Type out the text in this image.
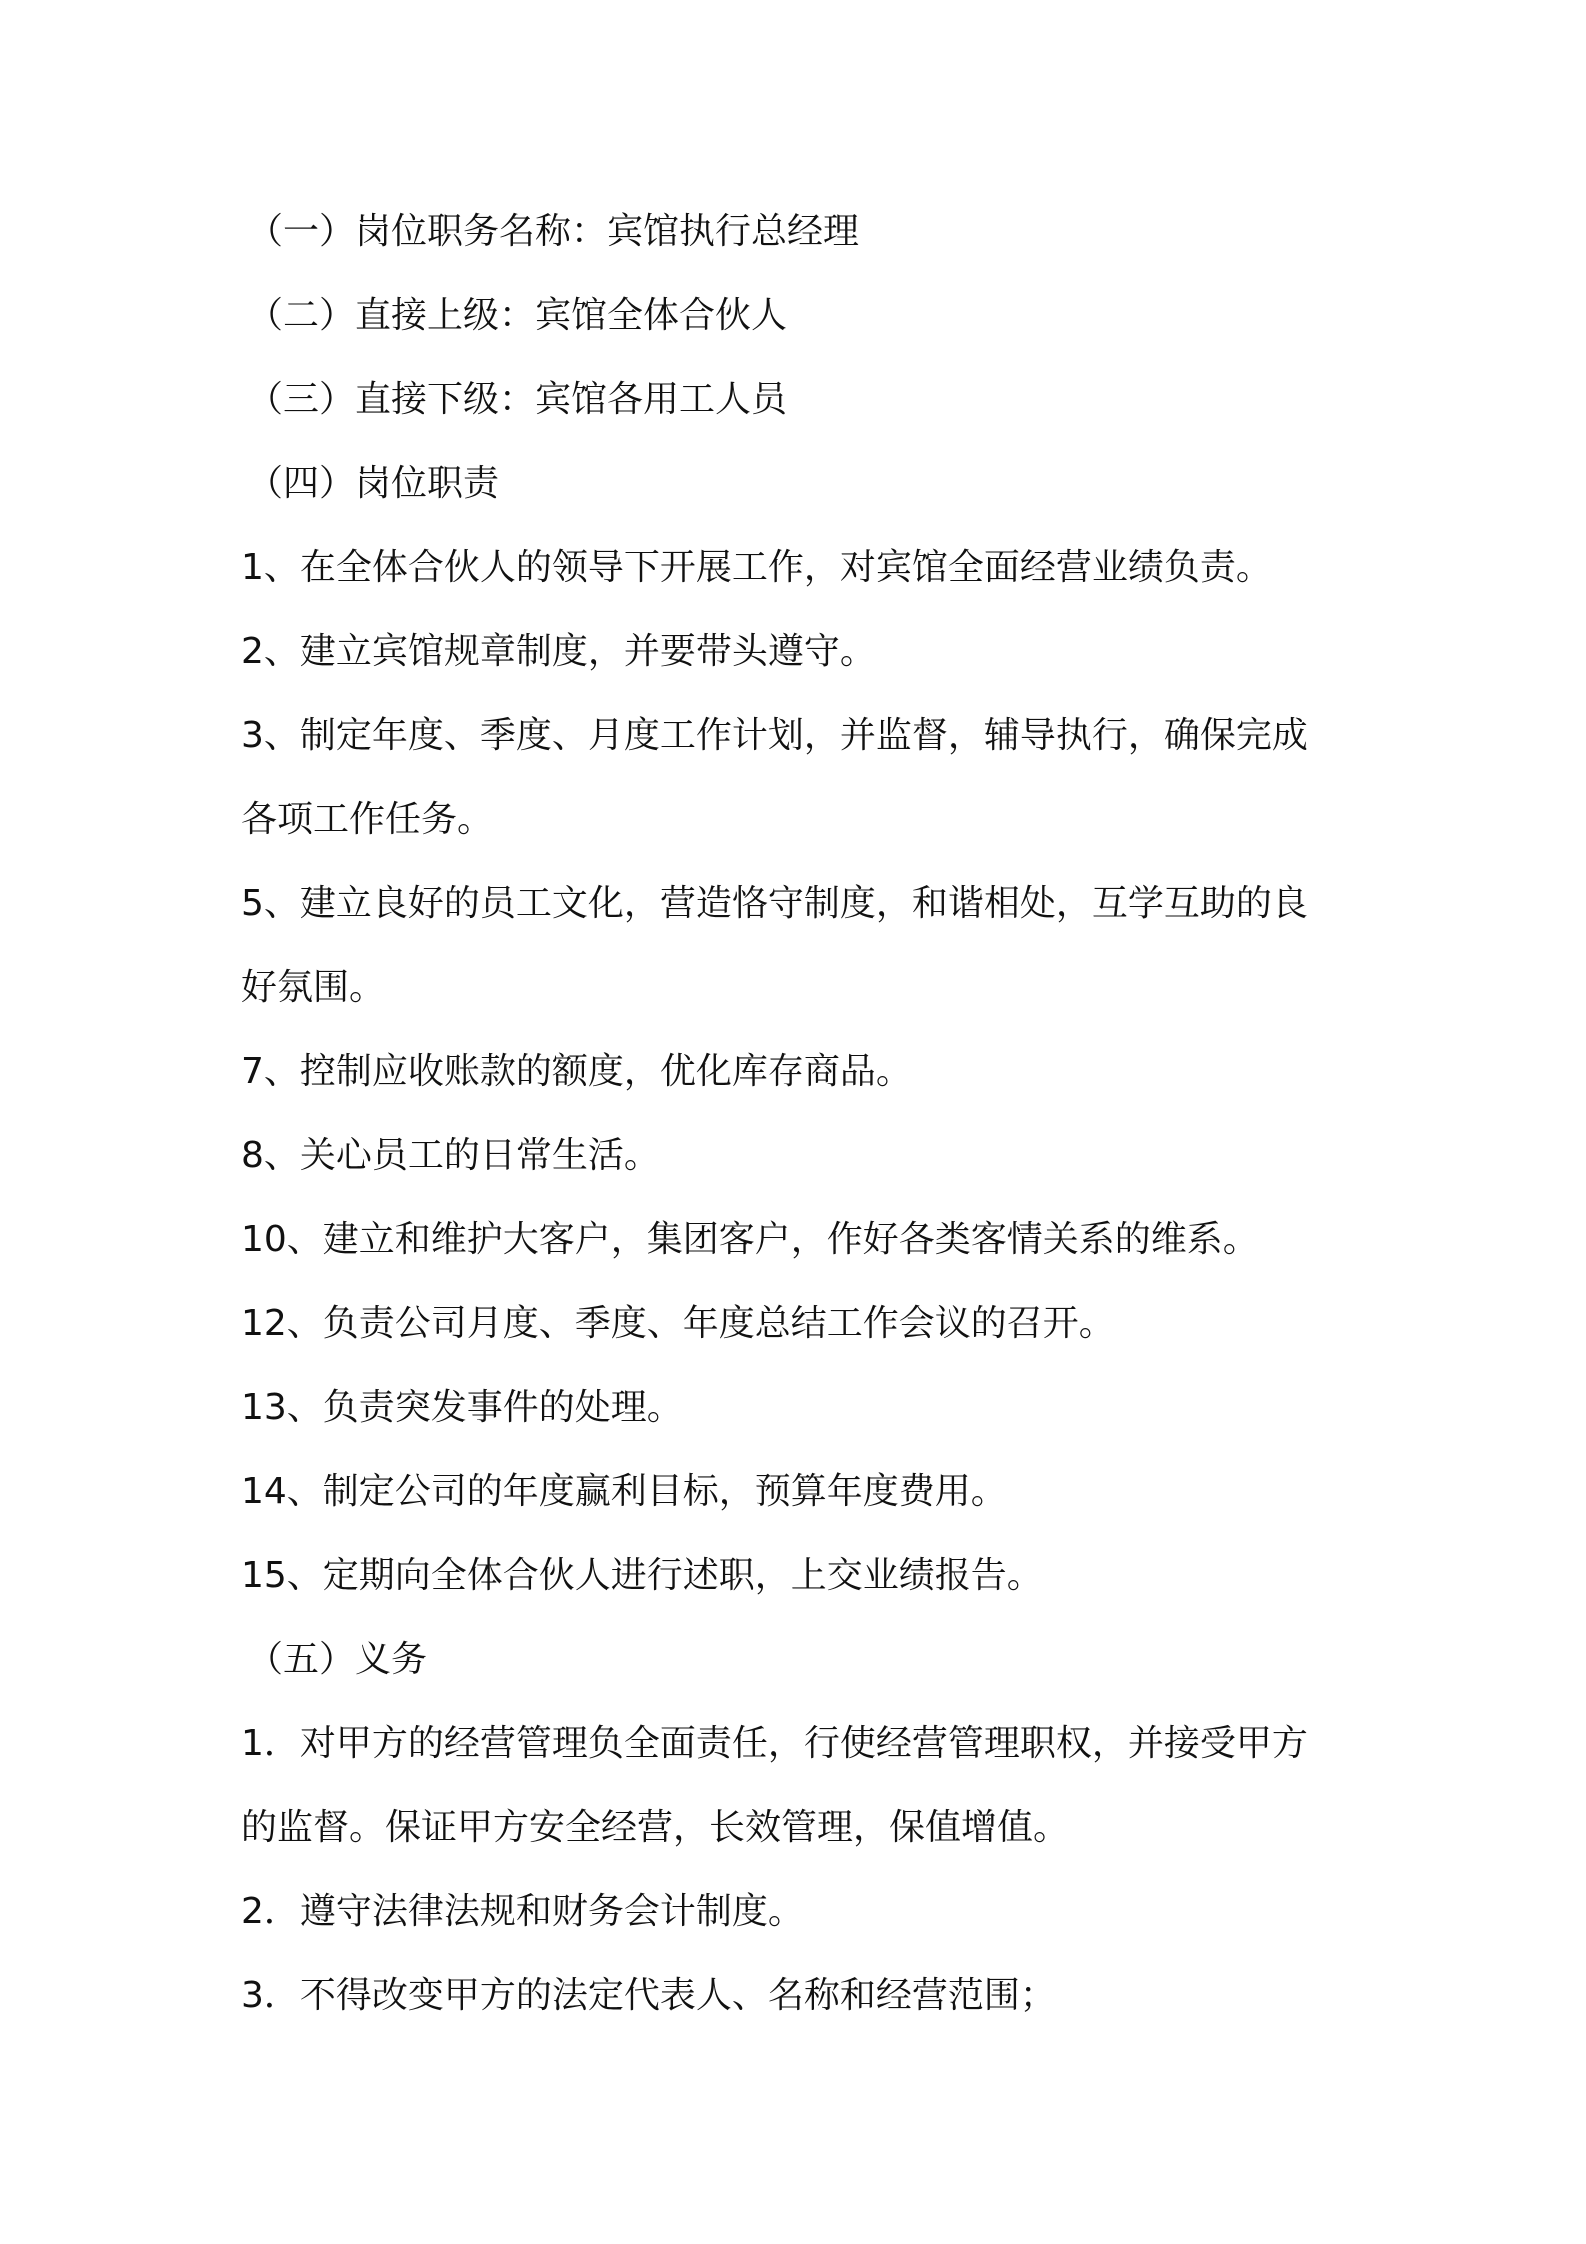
（一）岗位职务名称：宾馆执行总经理
（二）直接上级：宾馆全体合伙人
（三）直接下级：宾馆各用工人员
（四）岗位职责
1、在全体合伙人的领导下开展工作，对宾馆全面经营业绩负责。
2、建立宾馆规章制度，并要带头遵守。
3、制定年度、季度、月度工作计划，并监督，辅导执行，确保完成
各项工作任务。
5、建立良好的员工文化，营造恪守制度，和谐相处，互学互助的良
好氛围。
7、控制应收账款的额度，优化库存商品。
8、关心员工的日常生活。
10、建立和维护大客户，集团客户，作好各类客情关系的维系。
12、负责公司月度、季度、年度总结工作会议的召开。
13、负责突发事件的处理。
14、制定公司的年度赢利目标，预算年度费用。
15、定期向全体合伙人进行述职，上交业绩报告。
（五）义务
1．对甲方的经营管理负全面责任，行使经营管理职权，并接受甲方
的监督。保证甲方安全经营，长效管理，保值增值。
2．遵守法律法规和财务会计制度。
3．不得改变甲方的法定代表人、名称和经营范围；
